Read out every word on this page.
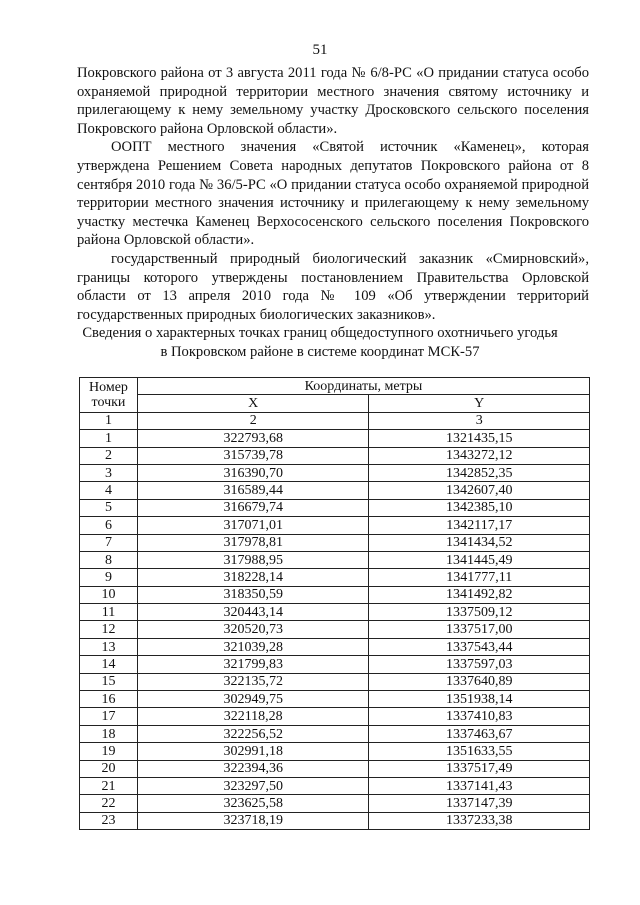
51

Покровского района от 3 августа 2011 года № 6/8-РС «О придании статуса особо охраняемой природной территории местного значения святому источнику и прилегающему к нему земельному участку Дросковского сельского поселения Покровского района Орловской области».

ООПТ местного значения «Святой источник «Каменец», которая утверждена Решением Совета народных депутатов Покровского района от 8 сентября 2010 года № 36/5-РС «О придании статуса особо охраняемой природной территории местного значения источнику и прилегающему к нему земельному участку местечка Каменец Верхососенского сельского поселения Покровского района Орловской области».

государственный природный биологический заказник «Смирновский», границы которого утверждены постановлением Правительства Орловской области от 13 апреля 2010 года № 109 «Об утверждении территорий государственных природных биологических заказников».

Сведения о характерных точках границ общедоступного охотничьего угодья
в Покровском районе в системе координат МСК-57
Номер
точки	Координаты, метры	
	X	Y
1	2	3
1	322793,68	1321435,15
2	315739,78	1343272,12
3	316390,70	1342852,35
4	316589,44	1342607,40
5	316679,74	1342385,10
6	317071,01	1342117,17
7	317978,81	1341434,52
8	317988,95	1341445,49
9	318228,14	1341777,11
10	318350,59	1341492,82
11	320443,14	1337509,12
12	320520,73	1337517,00
13	321039,28	1337543,44
14	321799,83	1337597,03
15	322135,72	1337640,89
16	302949,75	1351938,14
17	322118,28	1337410,83
18	322256,52	1337463,67
19	302991,18	1351633,55
20	322394,36	1337517,49
21	323297,50	1337141,43
22	323625,58	1337147,39
23	323718,19	1337233,38
